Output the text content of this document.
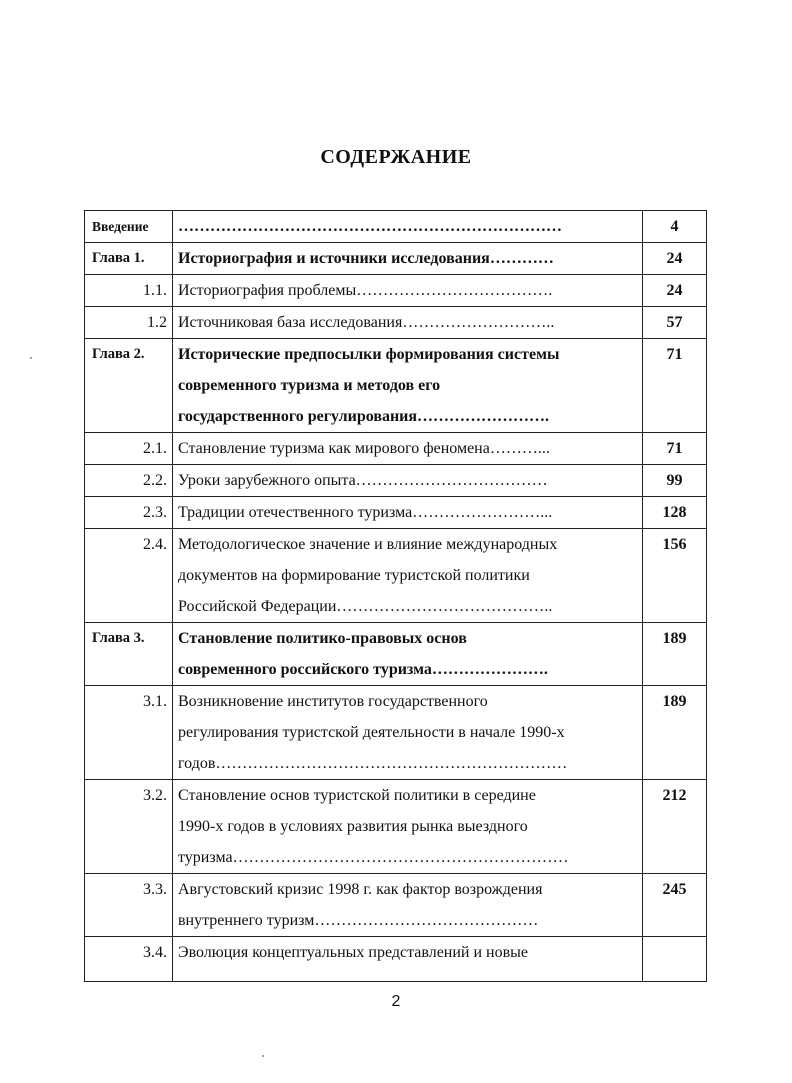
СОДЕРЖАНИЕ
Введение	………………………………………………………………	4
Глава 1.	Историография и источники исследования…………	24
1.1.	Историография проблемы……………………………….	24
1.2	Источниковая база исследования………………………..	57
Глава 2.	Исторические предпосылки формирования системы
современного туризма и методов его
государственного регулирования…………………….	71
2.1.	Становление туризма как мирового феномена………...	71
2.2.	Уроки зарубежного опыта………………………………	99
2.3.	Традиции отечественного туризма……………………...	128
2.4.	Методологическое значение и влияние международных
документов на формирование туристской политики
Российской Федерации…………………………………..	156
Глава 3.	Становление политико-правовых основ
современного российского туризма………………….	189
3.1.	Возникновение институтов государственного
регулирования туристской деятельности в начале 1990-х
годов…………………………………………………………	189
3.2.	Становление основ туристской политики в середине
1990-х годов в условиях развития рынка выездного
туризма………………………………………………………	212
3.3.	Августовский кризис 1998 г. как фактор возрождения
внутреннего туризм……………………………………	245
3.4.	Эволюция концептуальных представлений и новые	

2
